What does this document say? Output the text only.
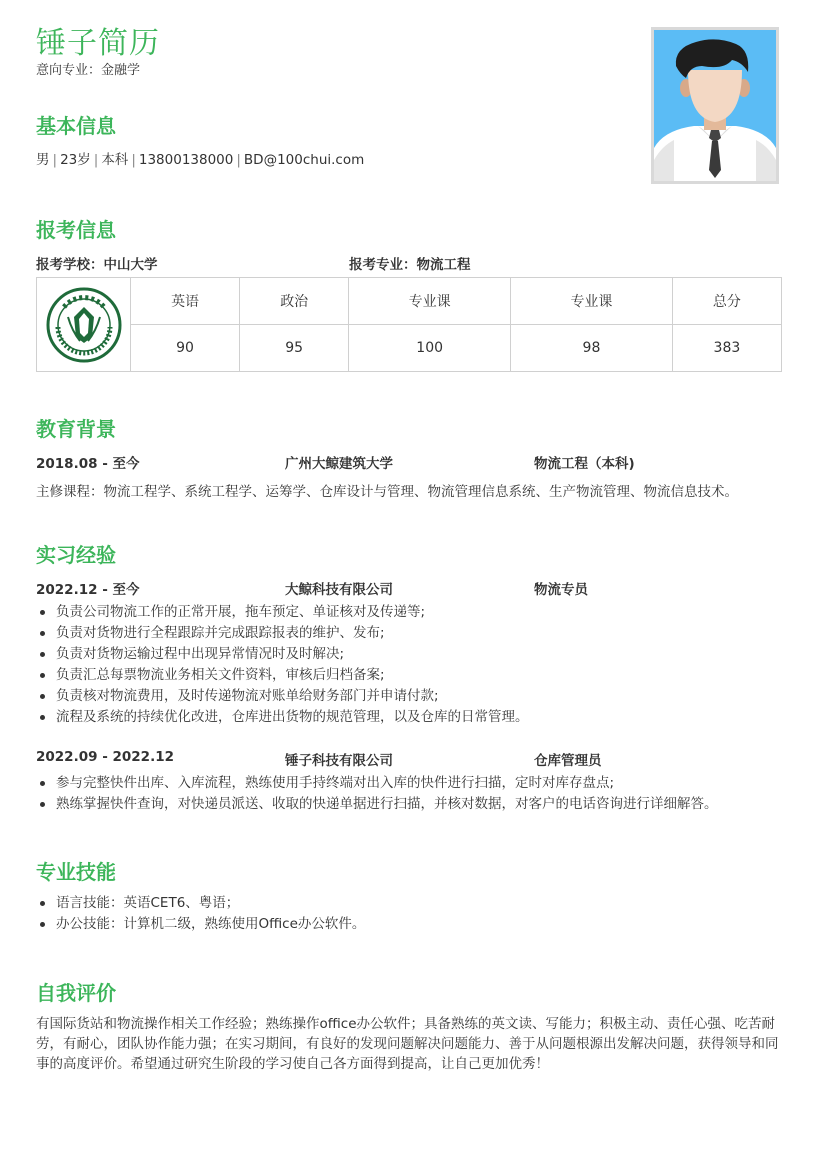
锤子简历
意向专业：金融学
基本信息
男 | 23岁 | 本科 | 13800138000 | BD@100chui.com
报考信息
报考学校：中山大学	报考专业：物流工程
	英语	政治	专业课	专业课	总分
	90	95	100	98	383
教育背景
2018.08 - 至今	广州大鲸建筑大学	物流工程（本科)
主修课程：物流工程学、系统工程学、运筹学、仓库设计与管理、物流管理信息系统、生产物流管理、物流信息技术。
实习经验
2022.12 - 至今	大鲸科技有限公司	物流专员
负责公司物流工作的正常开展，拖车预定、单证核对及传递等;
负责对货物进行全程跟踪并完成跟踪报表的维护、发布;
负责对货物运输过程中出现异常情况时及时解决;
负责汇总每票物流业务相关文件资料，审核后归档备案;
负责核对物流费用，及时传递物流对账单给财务部门并申请付款;
流程及系统的持续优化改进，仓库进出货物的规范管理，以及仓库的日常管理。
2022.09 - 2022.12	锤子科技有限公司	仓库管理员
参与完整快件出库、入库流程，熟练使用手持终端对出入库的快件进行扫描，定时对库存盘点;
熟练掌握快件查询，对快递员派送、收取的快递单据进行扫描，并核对数据，对客户的电话咨询进行详细解答。
专业技能
语言技能：英语CET6、粤语；
办公技能：计算机二级，熟练使用Office办公软件。
自我评价
有国际货站和物流操作相关工作经验；熟练操作office办公软件；具备熟练的英文读、写能力；积极主动、责任心强、吃苦耐劳，有耐心，团队协作能力强；在实习期间，有良好的发现问题解决问题能力、善于从问题根源出发解决问题，获得领导和同事的高度评价。希望通过研究生阶段的学习使自己各方面得到提高，让自己更加优秀！
